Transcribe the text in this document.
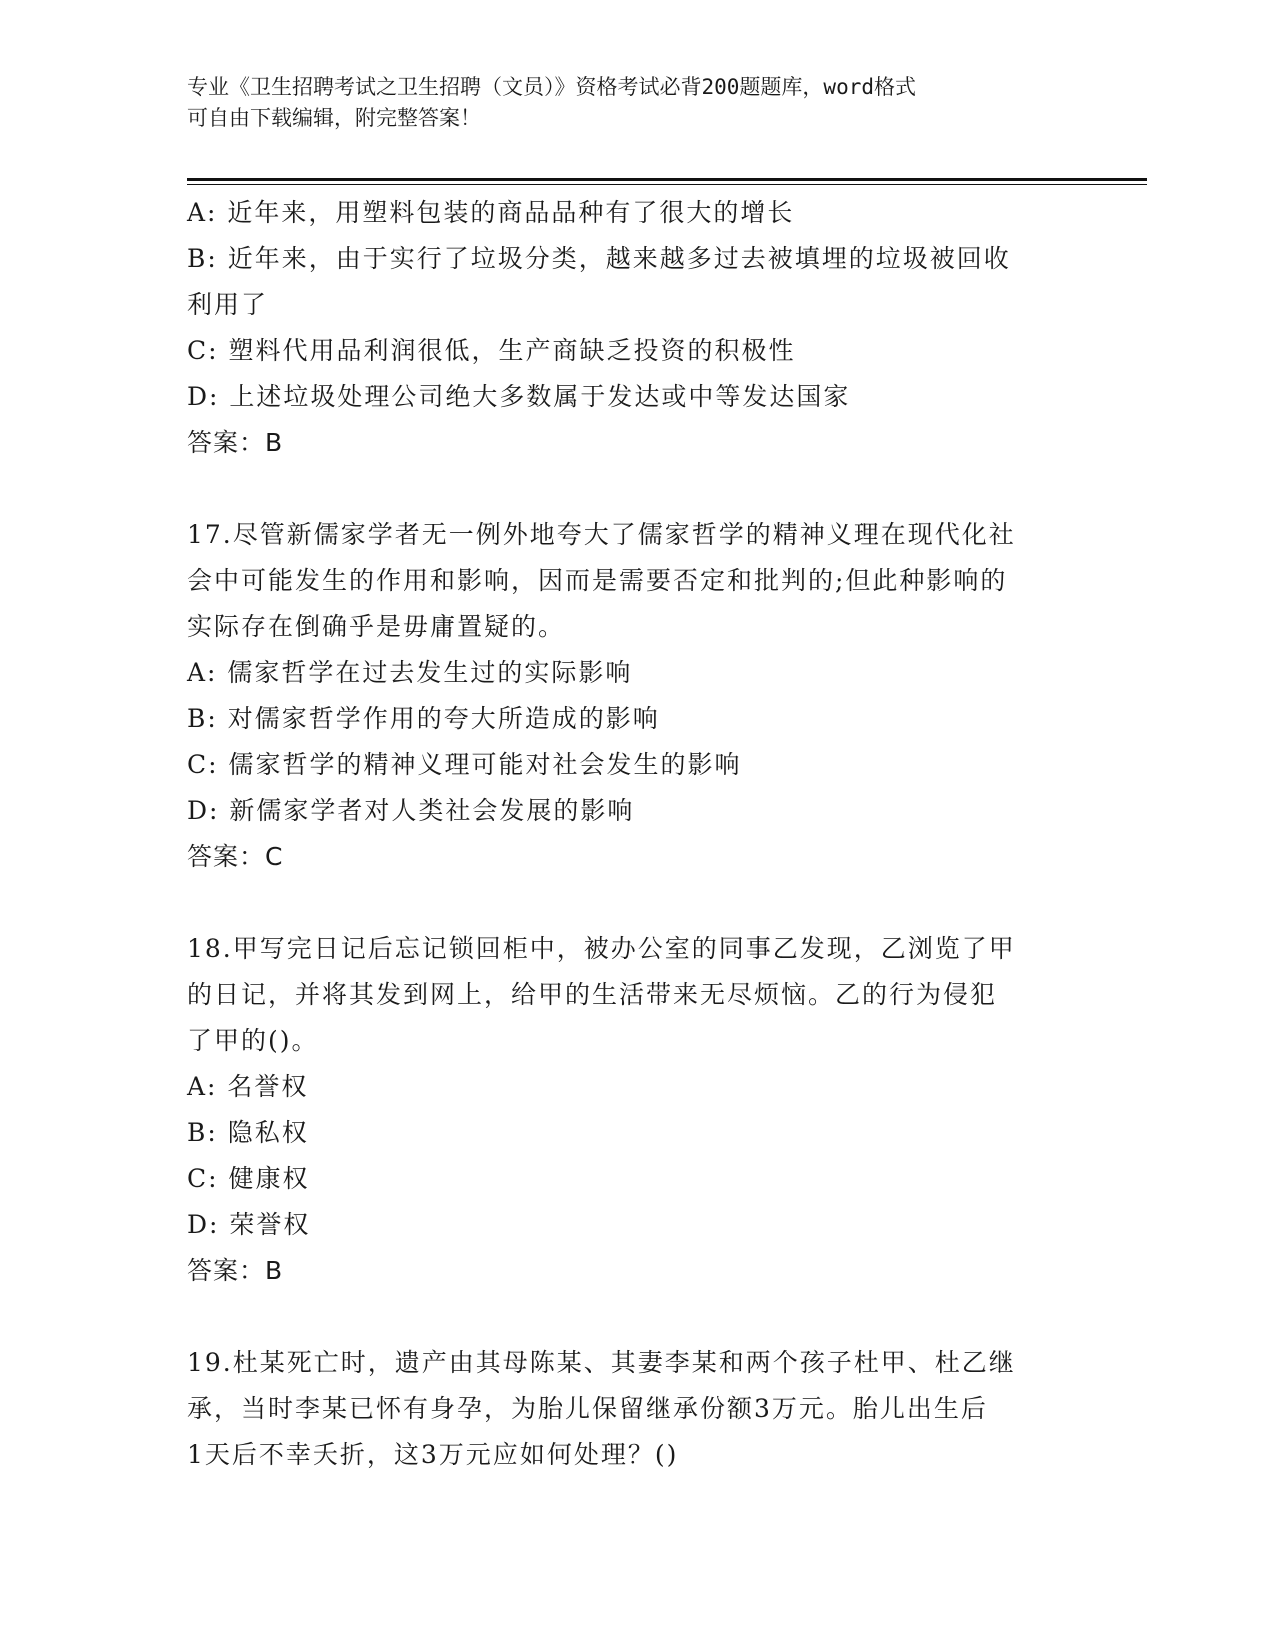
专业《卫生招聘考试之卫生招聘（文员）》资格考试必背200题题库，word格式
可自由下载编辑，附完整答案！

A: 近年来，用塑料包装的商品品种有了很大的增长

B: 近年来，由于实行了垃圾分类，越来越多过去被填埋的垃圾被回收

利用了

C: 塑料代用品利润很低，生产商缺乏投资的积极性

D: 上述垃圾处理公司绝大多数属于发达或中等发达国家

答案：B

17.尽管新儒家学者无一例外地夸大了儒家哲学的精神义理在现代化社

会中可能发生的作用和影响，因而是需要否定和批判的;但此种影响的

实际存在倒确乎是毋庸置疑的。

A: 儒家哲学在过去发生过的实际影响

B: 对儒家哲学作用的夸大所造成的影响

C: 儒家哲学的精神义理可能对社会发生的影响

D: 新儒家学者对人类社会发展的影响

答案：C

18.甲写完日记后忘记锁回柜中，被办公室的同事乙发现，乙浏览了甲

的日记，并将其发到网上，给甲的生活带来无尽烦恼。乙的行为侵犯

了甲的()。

A: 名誉权

B: 隐私权

C: 健康权

D: 荣誉权

答案：B

19.杜某死亡时，遗产由其母陈某、其妻李某和两个孩子杜甲、杜乙继

承，当时李某已怀有身孕，为胎儿保留继承份额3万元。胎儿出生后

1天后不幸夭折，这3万元应如何处理？()
